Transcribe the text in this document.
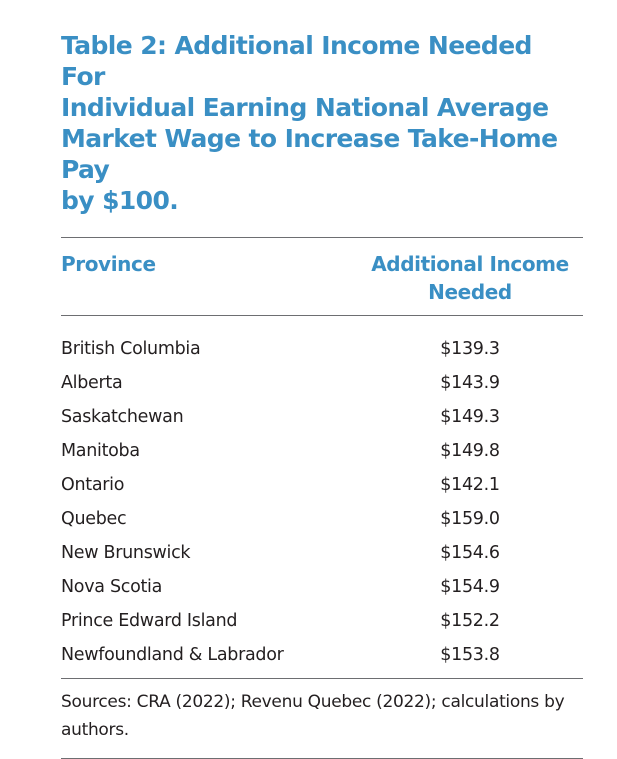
Table 2: Additional Income Needed For
Individual Earning National Average
Market Wage to Increase Take-Home Pay
by $100.
Province	Additional Income
Needed
British Columbia	$139.3
Alberta	$143.9
Saskatchewan	$149.3
Manitoba	$149.8
Ontario	$142.1
Quebec	$159.0
New Brunswick	$154.6
Nova Scotia	$154.9
Prince Edward Island	$152.2
Newfoundland & Labrador	$153.8
Sources: CRA (2022); Revenu Quebec (2022); calculations by authors.
